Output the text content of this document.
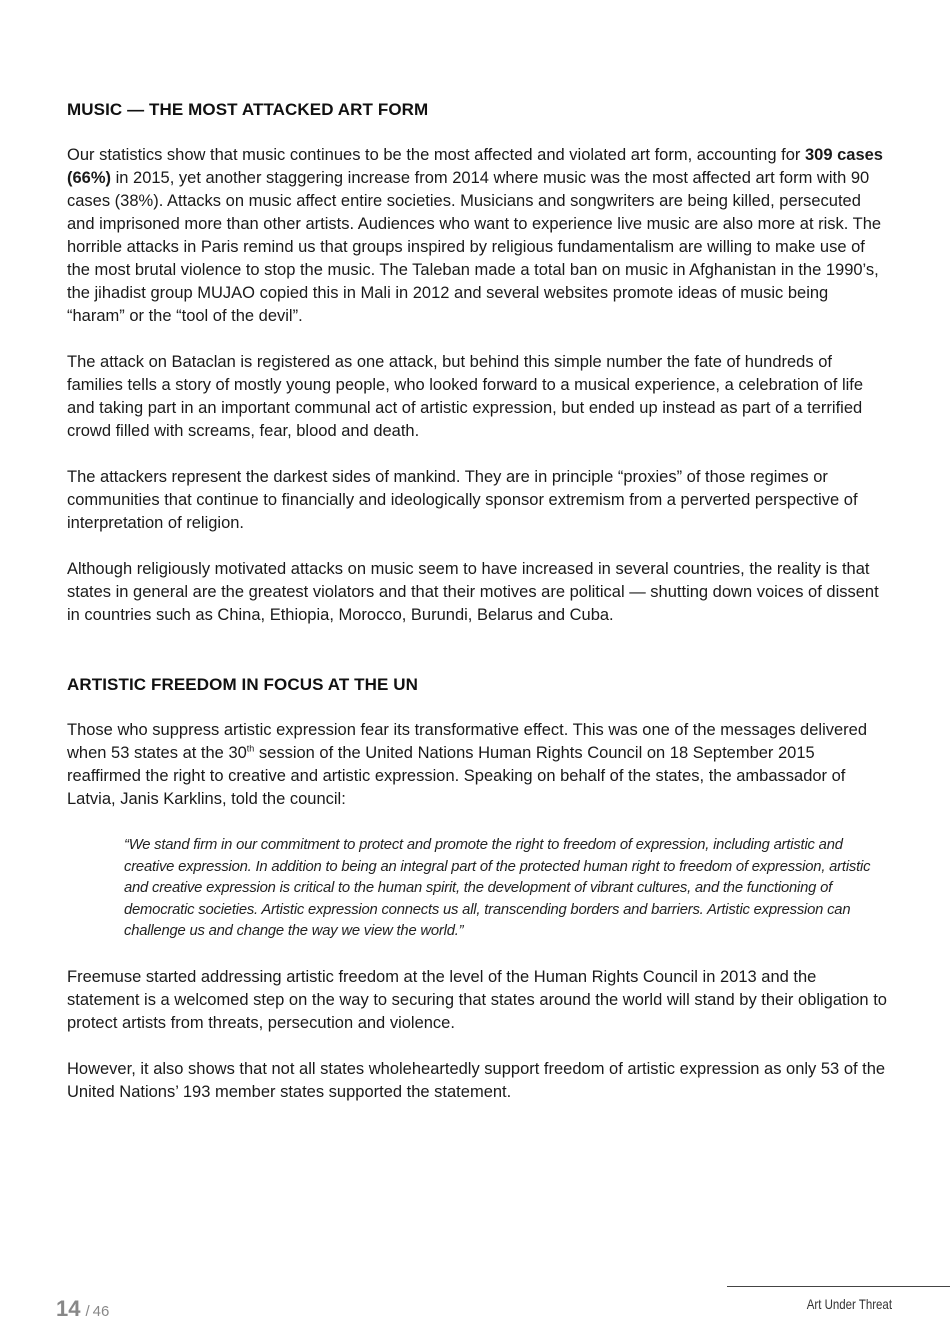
MUSIC — THE MOST ATTACKED ART FORM

Our statistics show that music continues to be the most affected and violated art form, accounting for 309 cases (66%) in 2015, yet another staggering increase from 2014 where music was the most affected art form with 90 cases (38%). Attacks on music affect entire societies. Musicians and songwriters are being killed, persecuted and imprisoned more than other artists. Audiences who want to experience live music are also more at risk. The horrible attacks in Paris remind us that groups inspired by religious fundamentalism are willing to make use of the most brutal violence to stop the music. The Taleban made a total ban on music in Afghanistan in the 1990’s, the jihadist group MUJAO copied this in Mali in 2012 and several websites promote ideas of music being “haram” or the “tool of the devil”.

The attack on Bataclan is registered as one attack, but behind this simple number the fate of hundreds of families tells a story of mostly young people, who looked forward to a musical experience, a celebration of life and taking part in an important communal act of artistic expression, but ended up instead as part of a terrified crowd filled with screams, fear, blood and death.

The attackers represent the darkest sides of mankind. They are in principle “proxies” of those regimes or communities that continue to financially and ideologically sponsor extremism from a perverted perspective of interpretation of religion.

Although religiously motivated attacks on music seem to have increased in several countries, the reality is that states in general are the greatest violators and that their motives are political — shutting down voices of dissent in countries such as China, Ethiopia, Morocco, Burundi, Belarus and Cuba.

ARTISTIC FREEDOM IN FOCUS AT THE UN

Those who suppress artistic expression fear its transformative effect. This was one of the messages delivered when 53 states at the 30th session of the United Nations Human Rights Council on 18 September 2015 reaffirmed the right to creative and artistic expression. Speaking on behalf of the states, the ambassador of Latvia, Janis Karklins, told the council:

“We stand firm in our commitment to protect and promote the right to freedom of expression, including artistic and creative expression. In addition to being an integral part of the protected human right to freedom of expression, artistic and creative expression is critical to the human spirit, the development of vibrant cultures, and the functioning of democratic societies. Artistic expression connects us all, transcending borders and barriers. Artistic expression can challenge us and change the way we view the world.”

Freemuse started addressing artistic freedom at the level of the Human Rights Council in 2013 and the statement is a welcomed step on the way to securing that states around the world will stand by their obligation to protect artists from threats, persecution and violence.

However, it also shows that not all states wholeheartedly support freedom of artistic expression as only 53 of the United Nations’ 193 member states supported the statement.

14 / 46	Art Under Threat
